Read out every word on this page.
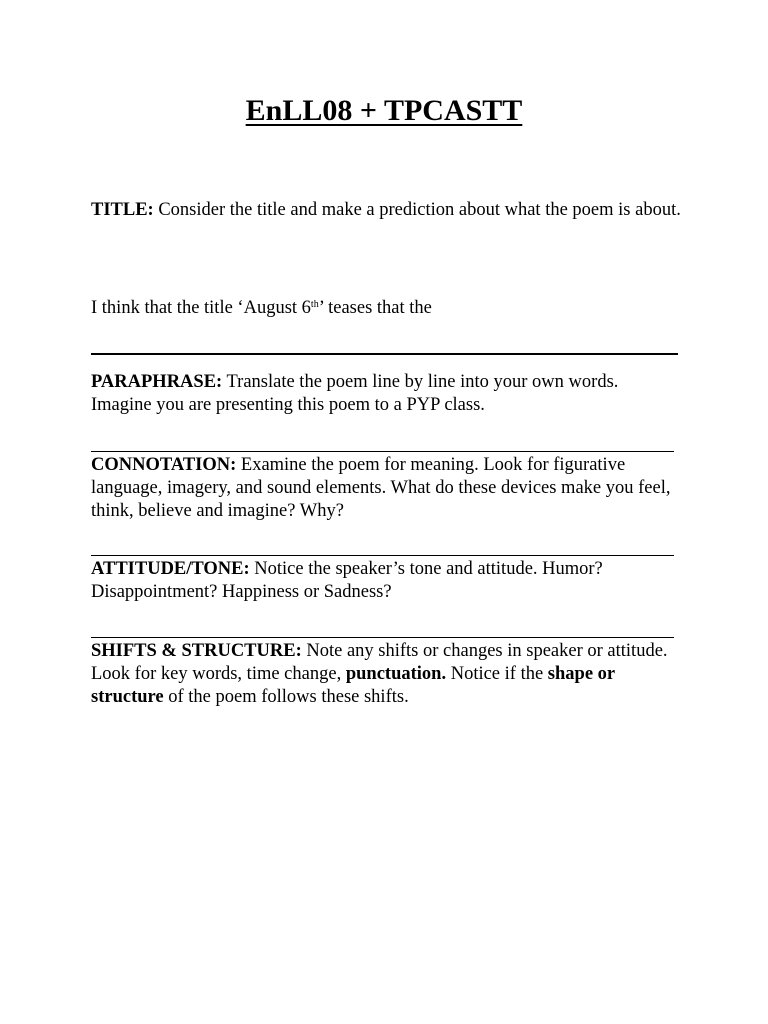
EnLL08 + TPCASTT
TITLE: Consider the title and make a prediction about what the poem is about.
I think that the title ‘August 6th’ teases that the
PARAPHRASE: Translate the poem line by line into your own words. Imagine you are presenting this poem to a PYP class.
CONNOTATION: Examine the poem for meaning. Look for figurative language, imagery, and sound elements. What do these devices make you feel, think, believe and imagine? Why?
ATTITUDE/TONE: Notice the speaker’s tone and attitude. Humor? Disappointment? Happiness or Sadness?
SHIFTS & STRUCTURE: Note any shifts or changes in speaker or attitude. Look for key words, time change, punctuation. Notice if the shape or structure of the poem follows these shifts.
